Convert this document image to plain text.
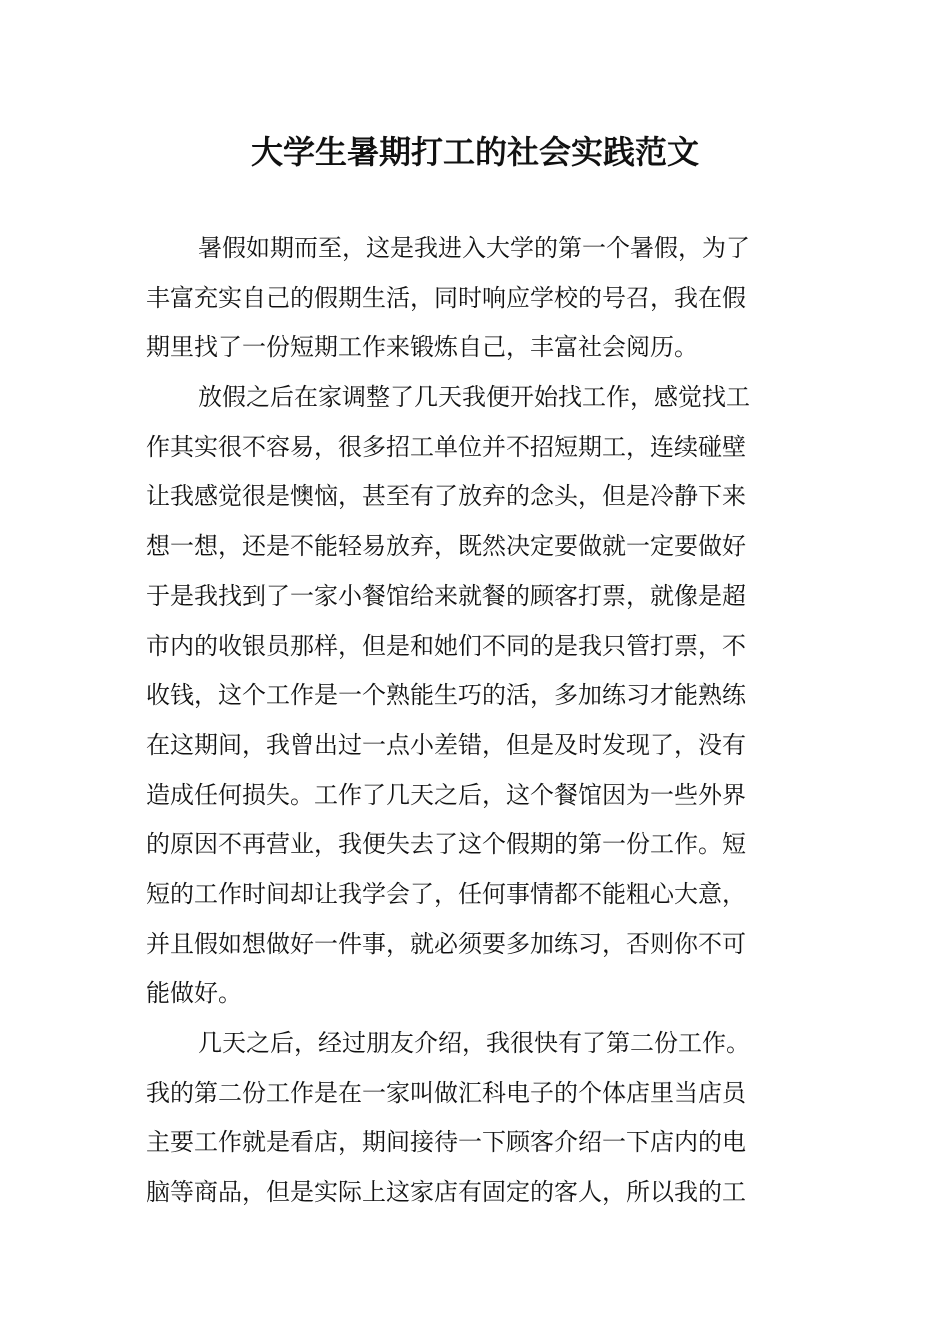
大学生暑期打工的社会实践范文
暑假如期而至，这是我进入大学的第一个暑假，为了
丰富充实自己的假期生活，同时响应学校的号召，我在假
期里找了一份短期工作来锻炼自己，丰富社会阅历。
放假之后在家调整了几天我便开始找工作，感觉找工
作其实很不容易，很多招工单位并不招短期工，连续碰壁
让我感觉很是懊恼，甚至有了放弃的念头，但是冷静下来
想一想，还是不能轻易放弃，既然决定要做就一定要做好
于是我找到了一家小餐馆给来就餐的顾客打票，就像是超
市内的收银员那样，但是和她们不同的是我只管打票，不
收钱，这个工作是一个熟能生巧的活，多加练习才能熟练
在这期间，我曾出过一点小差错，但是及时发现了，没有
造成任何损失。工作了几天之后，这个餐馆因为一些外界
的原因不再营业，我便失去了这个假期的第一份工作。短
短的工作时间却让我学会了，任何事情都不能粗心大意，
并且假如想做好一件事，就必须要多加练习，否则你不可
能做好。
几天之后，经过朋友介绍，我很快有了第二份工作。
我的第二份工作是在一家叫做汇科电子的个体店里当店员
主要工作就是看店，期间接待一下顾客介绍一下店内的电
脑等商品，但是实际上这家店有固定的客人，所以我的工
